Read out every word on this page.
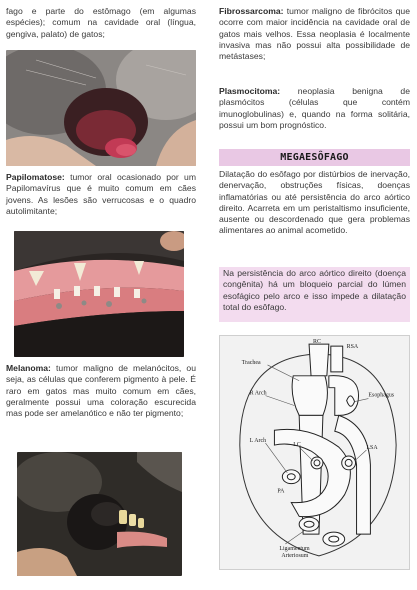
fago e parte do estômago (em algumas espécies); comum na cavidade oral (língua, gengiva, palato) de gatos;

Papilomatose: tumor oral ocasionado por um Papilomavírus que é muito comum em cães jovens. As lesões são verrucosas e o quadro autolimitante;

Melanoma: tumor maligno de melanócitos, ou seja, as células que conferem pigmento à pele. É raro em gatos mas muito comum em cães, geralmente possui uma coloração escurecida mas pode ser amelanótico e não ter pigmento;

Fibrossarcoma: tumor maligno de fibrócitos que ocorre com maior incidência na cavidade oral de gatos mais velhos. Essa neoplasia é localmente invasiva mas não possui alta possibilidade de metástases;

Plasmocitoma: neoplasia benigna de plasmócitos (células que contém imunoglobulinas) e, quando na forma solitária, possui um bom prognóstico.

MEGAESÔFAGO

Dilatação do esôfago por distúrbios de inervação, denervação, obstruções físicas, doenças inflamatórias ou até persistência do arco aórtico direito. Acarreta em um peristaltismo insuficiente, ausente ou descordenado que gera problemas alimentares ao animal acometido.

Na persistência do arco aórtico direito (doença congênita) há um bloqueio parcial do lúmen esofágico pelo arco e isso impede a dilatação total do esôfago.

RC
RSA
Trachea
R Arch	Esophagus
L Arch
LC	LSA
PA
Ligamentum
Arteriosum
